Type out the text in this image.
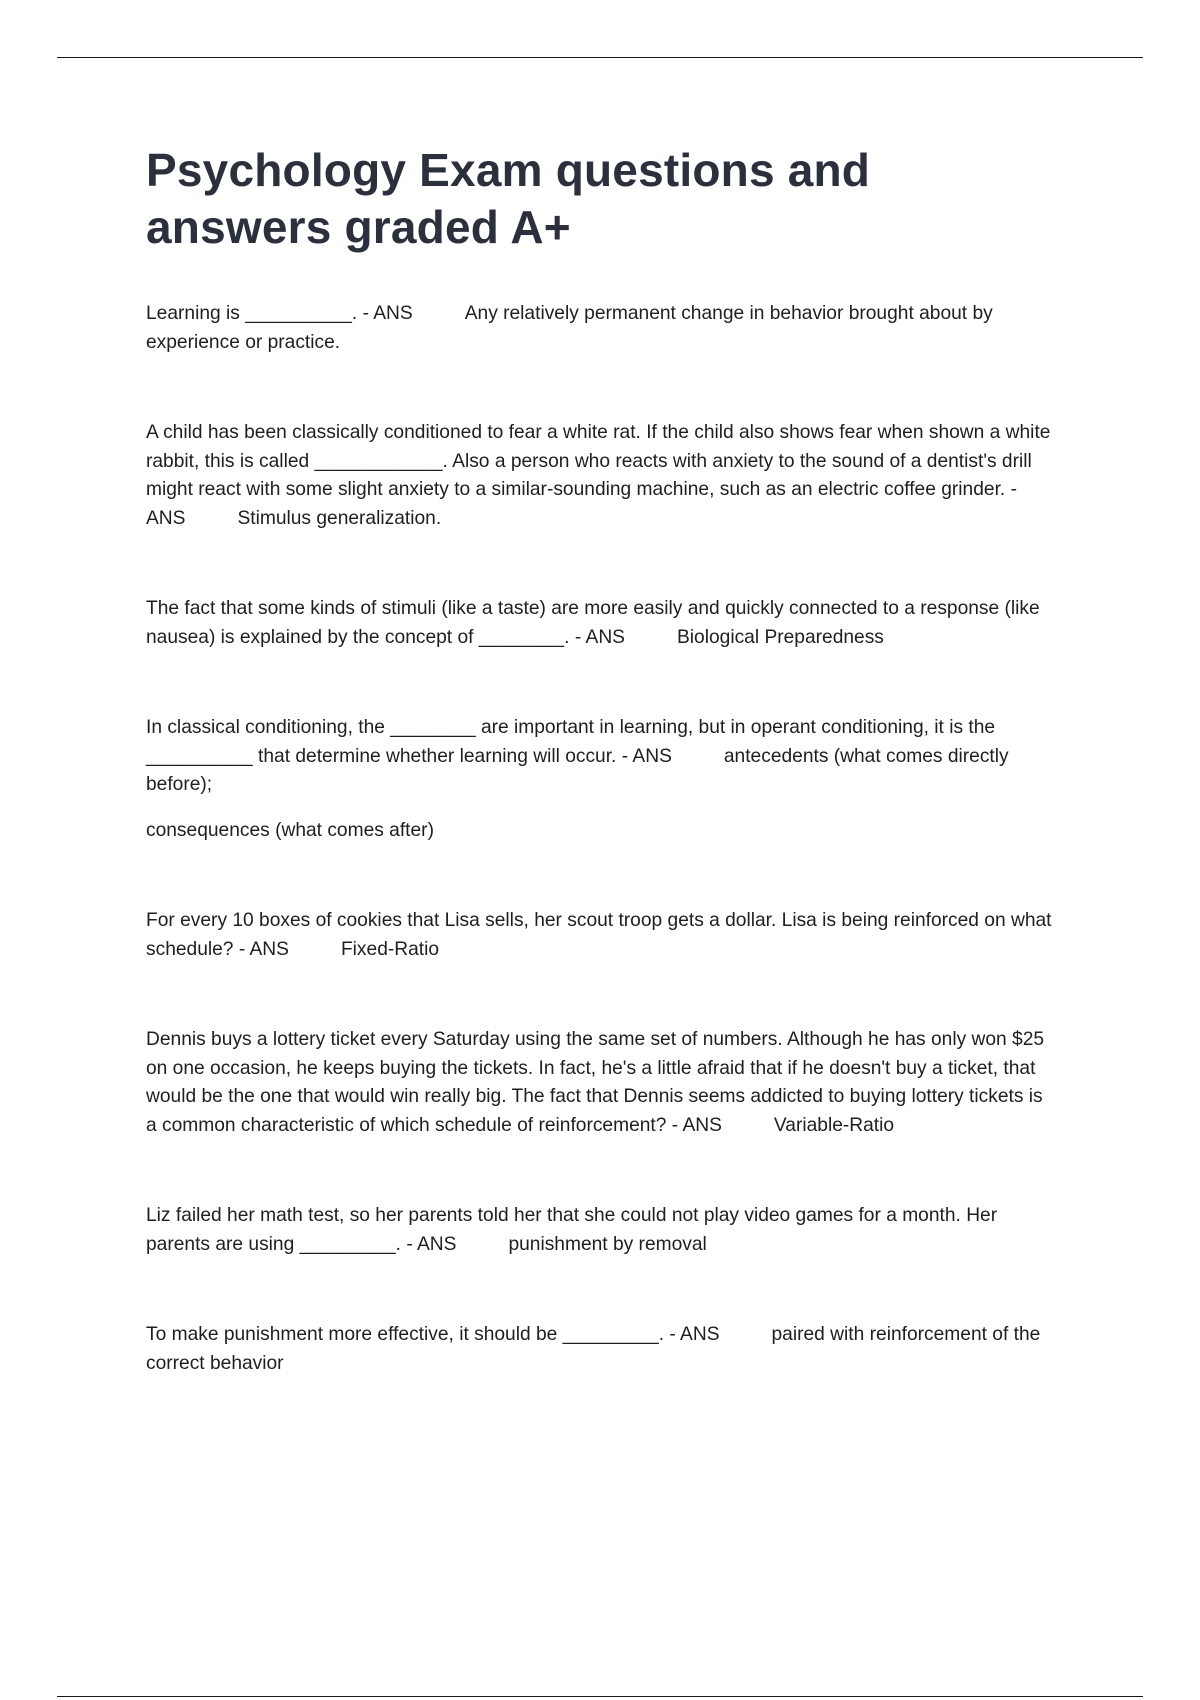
Psychology Exam questions and answers graded A+

Learning is __________. - ANS	Any relatively permanent change in behavior brought about by experience or practice.

A child has been classically conditioned to fear a white rat. If the child also shows fear when shown a white rabbit, this is called ____________. Also a person who reacts with anxiety to the sound of a dentist's drill might react with some slight anxiety to a similar-sounding machine, such as an electric coffee grinder. - ANS	Stimulus generalization.

The fact that some kinds of stimuli (like a taste) are more easily and quickly connected to a response (like nausea) is explained by the concept of ________. - ANS	Biological Preparedness

In classical conditioning, the ________ are important in learning, but in operant conditioning, it is the __________ that determine whether learning will occur. - ANS	antecedents (what comes directly before);

consequences (what comes after)

For every 10 boxes of cookies that Lisa sells, her scout troop gets a dollar. Lisa is being reinforced on what schedule? - ANS	Fixed-Ratio

Dennis buys a lottery ticket every Saturday using the same set of numbers. Although he has only won $25 on one occasion, he keeps buying the tickets. In fact, he's a little afraid that if he doesn't buy a ticket, that would be the one that would win really big. The fact that Dennis seems addicted to buying lottery tickets is a common characteristic of which schedule of reinforcement? - ANS	Variable-Ratio

Liz failed her math test, so her parents told her that she could not play video games for a month. Her parents are using _________. - ANS	punishment by removal

To make punishment more effective, it should be _________. - ANS	paired with reinforcement of the correct behavior
